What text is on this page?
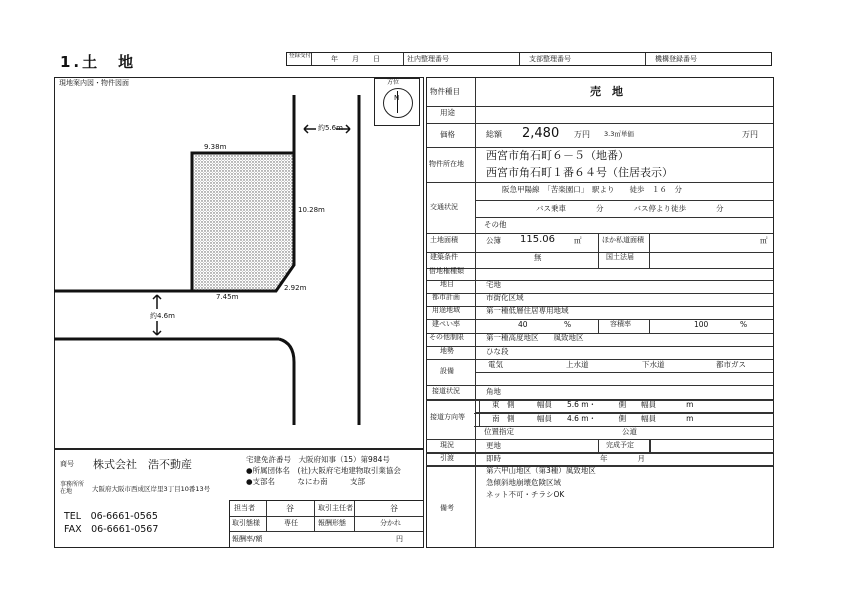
1.土　地	登録受付	年　　月　　日	社内整理番号	支部整理番号	機構登録番号
現地案内図・物件図面
9.38m
10.28m
7.45m
2.92m
約5.6m
約4.6m
方位
N
商号 株式会社　浩不動産
事務所所在地	大阪府大阪市西成区岸里3丁目10番13号
TEL　06-6661-0565
FAX　06-6661-0567
宅建免許番号　大阪府知事（15）第984号
●所属団体名　(社)大阪府宅地建物取引業協会
●支部名　　　なにわ南　　　支部
担当者	谷	取引主任者	谷
取引態様	専任	報酬形態	分かれ
報酬率/額	円
物件種目	売　地
用途
価格	総額 2,480 万円 3.3㎡単価	万円
物件所在地
西宮市角石町６－５（地番）
西宮市角石町１番６４号（住居表示）
交通状況
阪急甲陽線　「苦楽園口」　駅より　　徒歩　１６　分
バス乗車　　　　分　　　　バス停より徒歩　　　　分
その他
土地面積	公簿 115.06	㎡	ほか私道面積	㎡
建築条件	無	国土法届
借地権種類
地目	宅地
都市計画	市街化区域
用途地域	第一種低層住居専用地域
建ぺい率	40	%	容積率	100	%
その他制限	第一種高度地区　　風致地区
地勢	ひな段
設備
電気	上水道	下水道	都市ガス
接道状況	角地
接道方向等
東　側　　　幅員　　5.6 m・　　　側　　幅員　　　　m
南　側　　　幅員　　4.6 m・　　　側　　幅員　　　　m
位置指定	公道
現況	更地	完成予定
引渡	即時	年　　　　月
備考
第六甲山地区（第3種）風致地区
急傾斜地崩壊危険区域
ネット不可・チラシOK
